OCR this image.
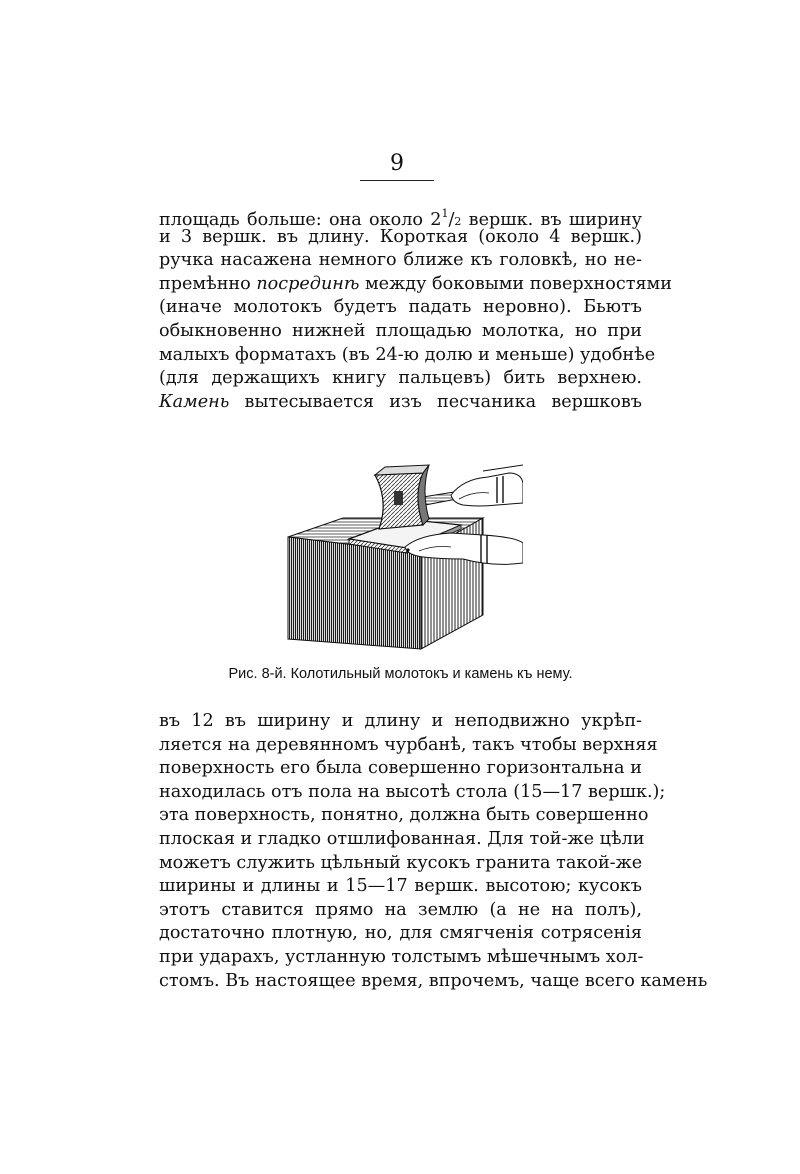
9
площадь больше: она около $2^1/2$ вершк. въ ширину
и 3 вершк. въ длину. Короткая (около 4 вершк.)
ручка насажена немного ближе къ головкѣ, но не-
премѣнно посрединѣ между боковыми поверхностями
(иначе молотокъ будетъ падать неровно). Бьютъ
обыкновенно нижней площадью молотка, но при
малыхъ форматахъ (въ 24-ю долю и меньше) удобнѣе
(для держащихъ книгу пальцевъ) бить верхнею.
Камень вытесывается изъ песчаника вершковъ
Рис. 8-й. Колотильный молотокъ и камень къ нему.
въ 12 въ ширину и длину и неподвижно укрѣп-
ляется на деревянномъ чурбанѣ, такъ чтобы верхняя
поверхность его была совершенно горизонтальна и
находилась отъ пола на высотѣ стола (15—17 вершк.);
эта поверхность, понятно, должна быть совершенно
плоская и гладко отшлифованная. Для той-же цѣли
можетъ служить цѣльный кусокъ гранита такой-же
ширины и длины и 15—17 вершк. высотою; кусокъ
этотъ ставится прямо на землю (а не на полъ),
достаточно плотную, но, для смягченія сотрясенія
при ударахъ, устланную толстымъ мѣшечнымъ хол-
стомъ. Въ настоящее время, впрочемъ, чаще всего камень
